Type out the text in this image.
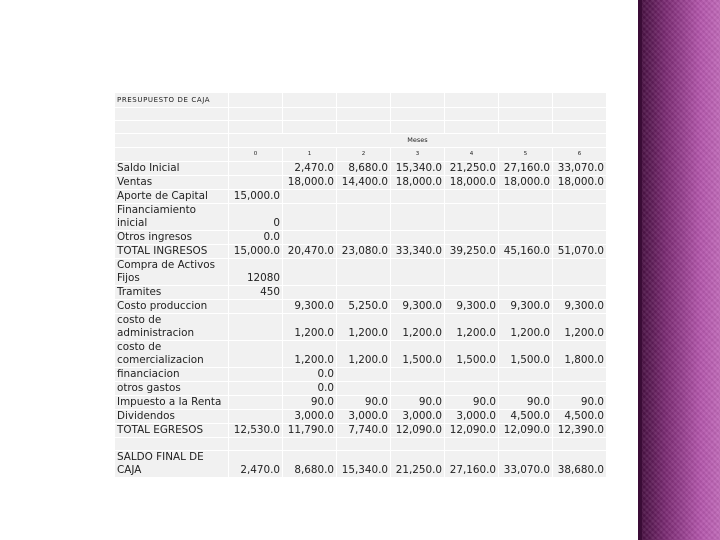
PRESUPUESTO DE CAJA							

	Meses						
	0	1	2	3	4	5	6
Saldo Inicial		2,470.0	8,680.0	15,340.0	21,250.0	27,160.0	33,070.0
Ventas		18,000.0	14,400.0	18,000.0	18,000.0	18,000.0	18,000.0
Aporte de Capital	15,000.0						
Financiamiento inicial	0						
Otros ingresos	0.0						
TOTAL INGRESOS	15,000.0	20,470.0	23,080.0	33,340.0	39,250.0	45,160.0	51,070.0
Compra de Activos
Fijos	12080						
Tramites	450						
Costo produccion		9,300.0	5,250.0	9,300.0	9,300.0	9,300.0	9,300.0
costo de
administracion		1,200.0	1,200.0	1,200.0	1,200.0	1,200.0	1,200.0
costo de
comercializacion		1,200.0	1,200.0	1,500.0	1,500.0	1,500.0	1,800.0
financiacion		0.0					
otros gastos		0.0					
Impuesto a la Renta		90.0	90.0	90.0	90.0	90.0	90.0
Dividendos		3,000.0	3,000.0	3,000.0	3,000.0	4,500.0	4,500.0
TOTAL EGRESOS	12,530.0	11,790.0	7,740.0	12,090.0	12,090.0	12,090.0	12,390.0

SALDO FINAL DE CAJA	2,470.0	8,680.0	15,340.0	21,250.0	27,160.0	33,070.0	38,680.0
